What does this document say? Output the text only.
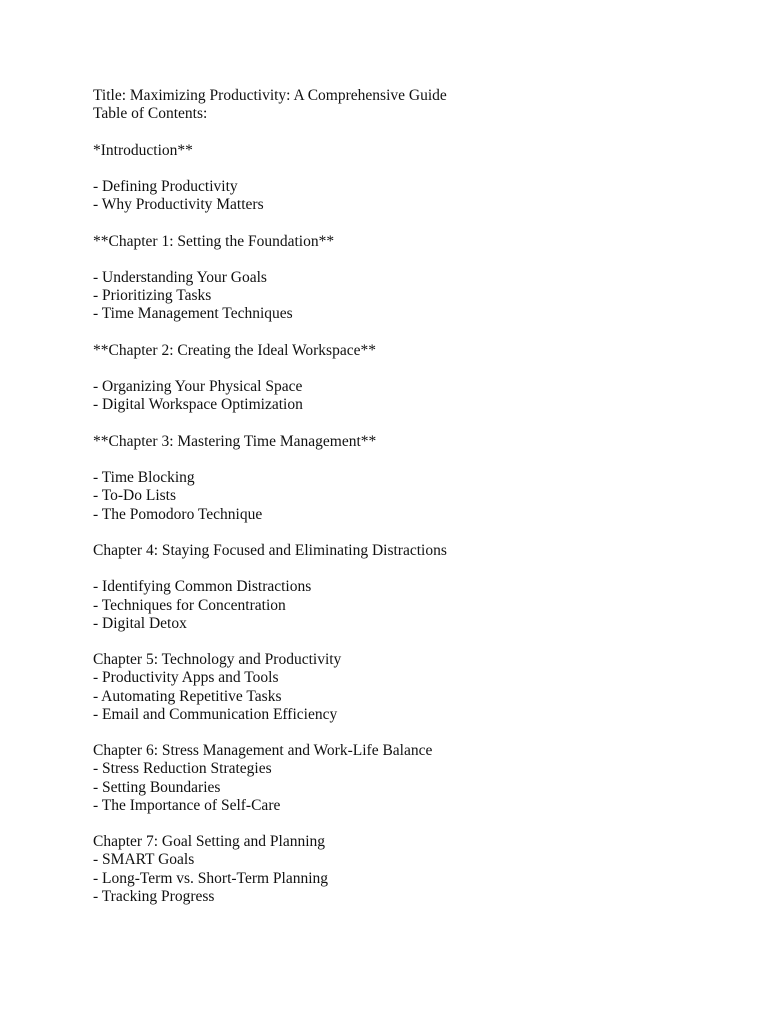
Title: Maximizing Productivity: A Comprehensive Guide
Table of Contents:
*Introduction**
- Defining Productivity
- Why Productivity Matters
**Chapter 1: Setting the Foundation**
- Understanding Your Goals
- Prioritizing Tasks
- Time Management Techniques
**Chapter 2: Creating the Ideal Workspace**
- Organizing Your Physical Space
- Digital Workspace Optimization
**Chapter 3: Mastering Time Management**
- Time Blocking
- To-Do Lists
- The Pomodoro Technique
Chapter 4: Staying Focused and Eliminating Distractions
- Identifying Common Distractions
- Techniques for Concentration
- Digital Detox
Chapter 5: Technology and Productivity
- Productivity Apps and Tools
- Automating Repetitive Tasks
- Email and Communication Efficiency
Chapter 6: Stress Management and Work-Life Balance
- Stress Reduction Strategies
- Setting Boundaries
- The Importance of Self-Care
Chapter 7: Goal Setting and Planning
- SMART Goals
- Long-Term vs. Short-Term Planning
- Tracking Progress
